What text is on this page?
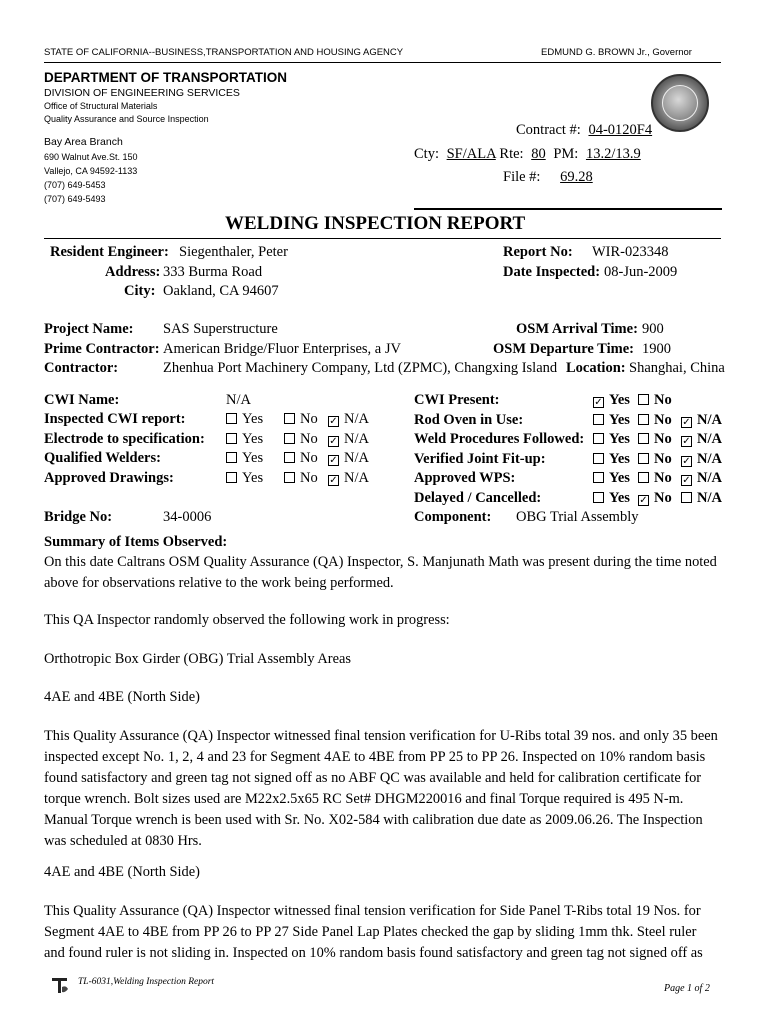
STATE OF CALIFORNIA--BUSINESS,TRANSPORTATION AND HOUSING AGENCY	EDMUND G. BROWN Jr., Governor
DEPARTMENT OF TRANSPORTATION
DIVISION OF ENGINEERING SERVICES
Office of Structural Materials
Quality Assurance and Source Inspection
Bay Area Branch
690 Walnut Ave.St. 150
Vallejo, CA 94592-1133
(707) 649-5453
(707) 649-5493
Contract #: 04-0120F4
Cty: SF/ALA Rte: 80 PM: 13.2/13.9
File #: 69.28
WELDING INSPECTION REPORT
Resident Engineer: Siegenthaler, Peter
Address: 333 Burma Road
City: Oakland, CA 94607
Report No: WIR-023348
Date Inspected: 08-Jun-2009
Project Name: SAS Superstructure
Prime Contractor: American Bridge/Fluor Enterprises, a JV
Contractor:	Zhenhua Port Machinery Company, Ltd (ZPMC), Changxing Island
OSM Arrival Time: 900
OSM Departure Time: 1900
Location: Shanghai, China
CWI Name:	N/A
Inspected CWI report:	Yes	No ✓ N/A
Electrode to specification:	Yes	No ✓ N/A
Qualified Welders:	Yes	No ✓ N/A
Approved Drawings:	Yes	No ✓ N/A
CWI Present:	✓ Yes	No
Rod Oven in Use:	Yes	No ✓ N/A
Weld Procedures Followed:	Yes	No ✓ N/A
Verified Joint Fit-up:	Yes	No ✓ N/A
Approved WPS:	Yes	No ✓ N/A
Delayed / Cancelled:	Yes ✓ No	N/A
Bridge No:	34-0006	Component: OBG Trial Assembly
Summary of Items Observed:
On this date Caltrans OSM Quality Assurance (QA) Inspector, S. Manjunath Math was present during the time noted above for observations relative to the work being performed.
This QA Inspector randomly observed the following work in progress:
Orthotropic Box Girder (OBG) Trial Assembly Areas
4AE and 4BE (North Side)
This Quality Assurance (QA) Inspector witnessed final tension verification for U-Ribs total 39 nos. and only 35 been inspected except No. 1, 2, 4 and 23 for Segment 4AE to 4BE from PP 25 to PP 26. Inspected on 10% random basis found satisfactory and green tag not signed off as no ABF QC was available and held for calibration certificate for torque wrench. Bolt sizes used are M22x2.5x65 RC Set# DHGM220016 and final Torque required is 495 N-m. Manual Torque wrench is been used with Sr. No. X02-584 with calibration due date as 2009.06.26. The Inspection was scheduled at 0830 Hrs.
4AE and 4BE (North Side)
This Quality Assurance (QA) Inspector witnessed final tension verification for Side Panel T-Ribs total 19 Nos. for Segment 4AE to 4BE from PP 26 to PP 27 Side Panel Lap Plates checked the gap by sliding 1mm thk. Steel ruler and found ruler is not sliding in. Inspected on 10% random basis found satisfactory and green tag not signed off as
TL-6031,Welding Inspection Report
Page 1 of 2
